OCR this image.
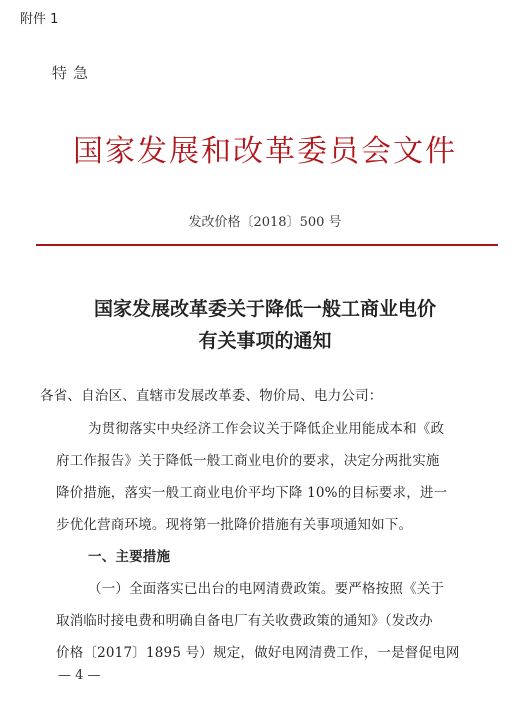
附件 1
特急
国家发展和改革委员会文件
发改价格〔2018〕500 号
国家发展改革委关于降低一般工商业电价
有关事项的通知
各省、自治区、直辖市发展改革委、物价局、电力公司：
为贯彻落实中央经济工作会议关于降低企业用能成本和《政
府工作报告》关于降低一般工商业电价的要求，决定分两批实施
降价措施，落实一般工商业电价平均下降 10%的目标要求，进一
步优化营商环境。现将第一批降价措施有关事项通知如下。
一、主要措施
（一）全面落实已出台的电网清费政策。要严格按照《关于
取消临时接电费和明确自备电厂有关收费政策的通知》（发改办
价格〔2017〕1895 号）规定，做好电网清费工作，一是督促电网
— 4 —
